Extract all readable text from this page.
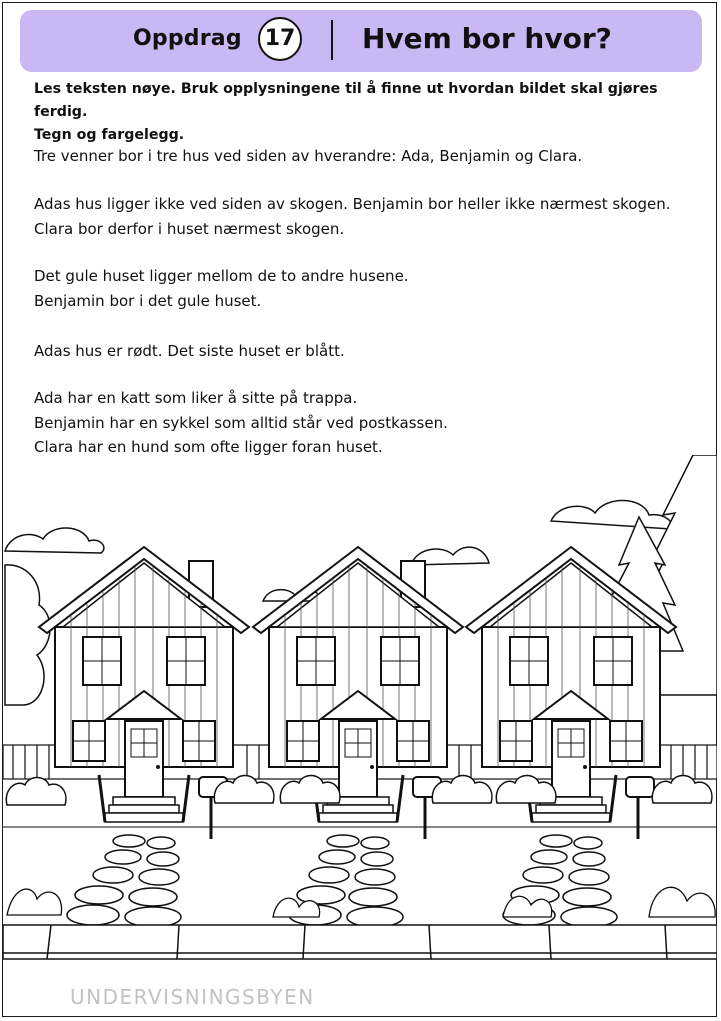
Oppdrag	17 Hvem bor hvor?
Les teksten nøye. Bruk opplysningene til å finne ut hvordan bildet skal gjøres ferdig.
Tegn og fargelegg.
Tre venner bor i tre hus ved siden av hverandre: Ada, Benjamin og Clara.
Adas hus ligger ikke ved siden av skogen. Benjamin bor heller ikke nærmest skogen.
Clara bor derfor i huset nærmest skogen.
Det gule huset ligger mellom de to andre husene.
Benjamin bor i det gule huset.
Adas hus er rødt. Det siste huset er blått.
Ada har en katt som liker å sitte på trappa.
Benjamin har en sykkel som alltid står ved postkassen.
Clara har en hund som ofte ligger foran huset.
UNDERVISNINGSBYEN
